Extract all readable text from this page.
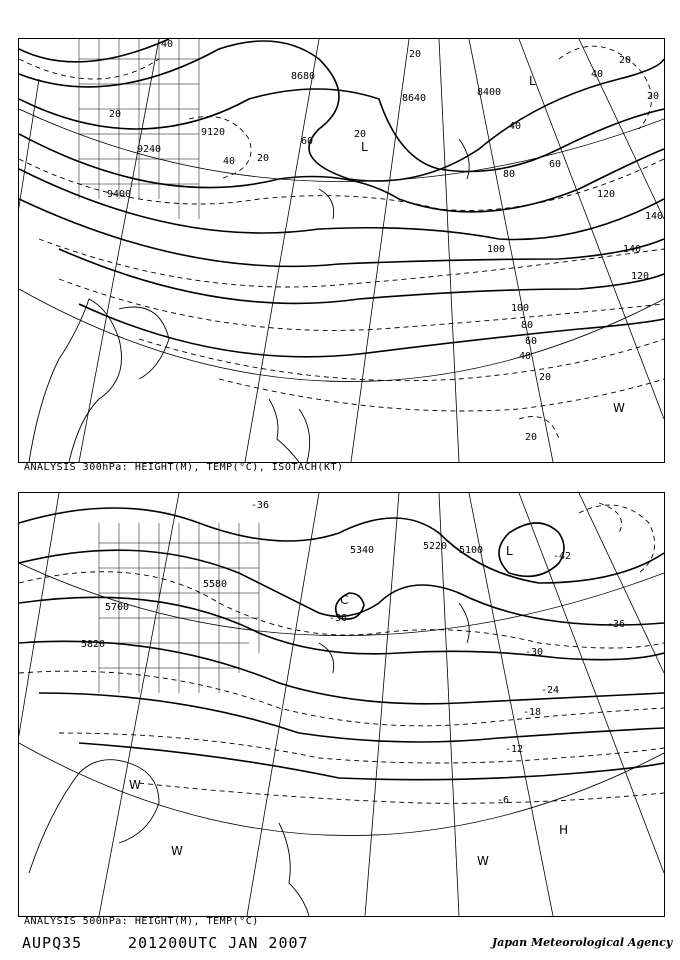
40
20
40
20
20
8680
8640
8400
L
20
9120
9240
40 20
60
20
L
40
9400
80
60
120
140
100	140
120
100
80
60
40
20
W
20
ANALYSIS 300hPa: HEIGHT(M), TEMP(°C), ISOTACH(KT)
-36
5340	5220 5100 L	-42
5580
C
-36
5700
5820
-36
-30
-24
-18
-12
W
-6
H
W
W
ANALYSIS 500hPa: HEIGHT(M), TEMP(°C)
AUPQ35	201200UTC JAN 2007	Japan Meteorological Agency
